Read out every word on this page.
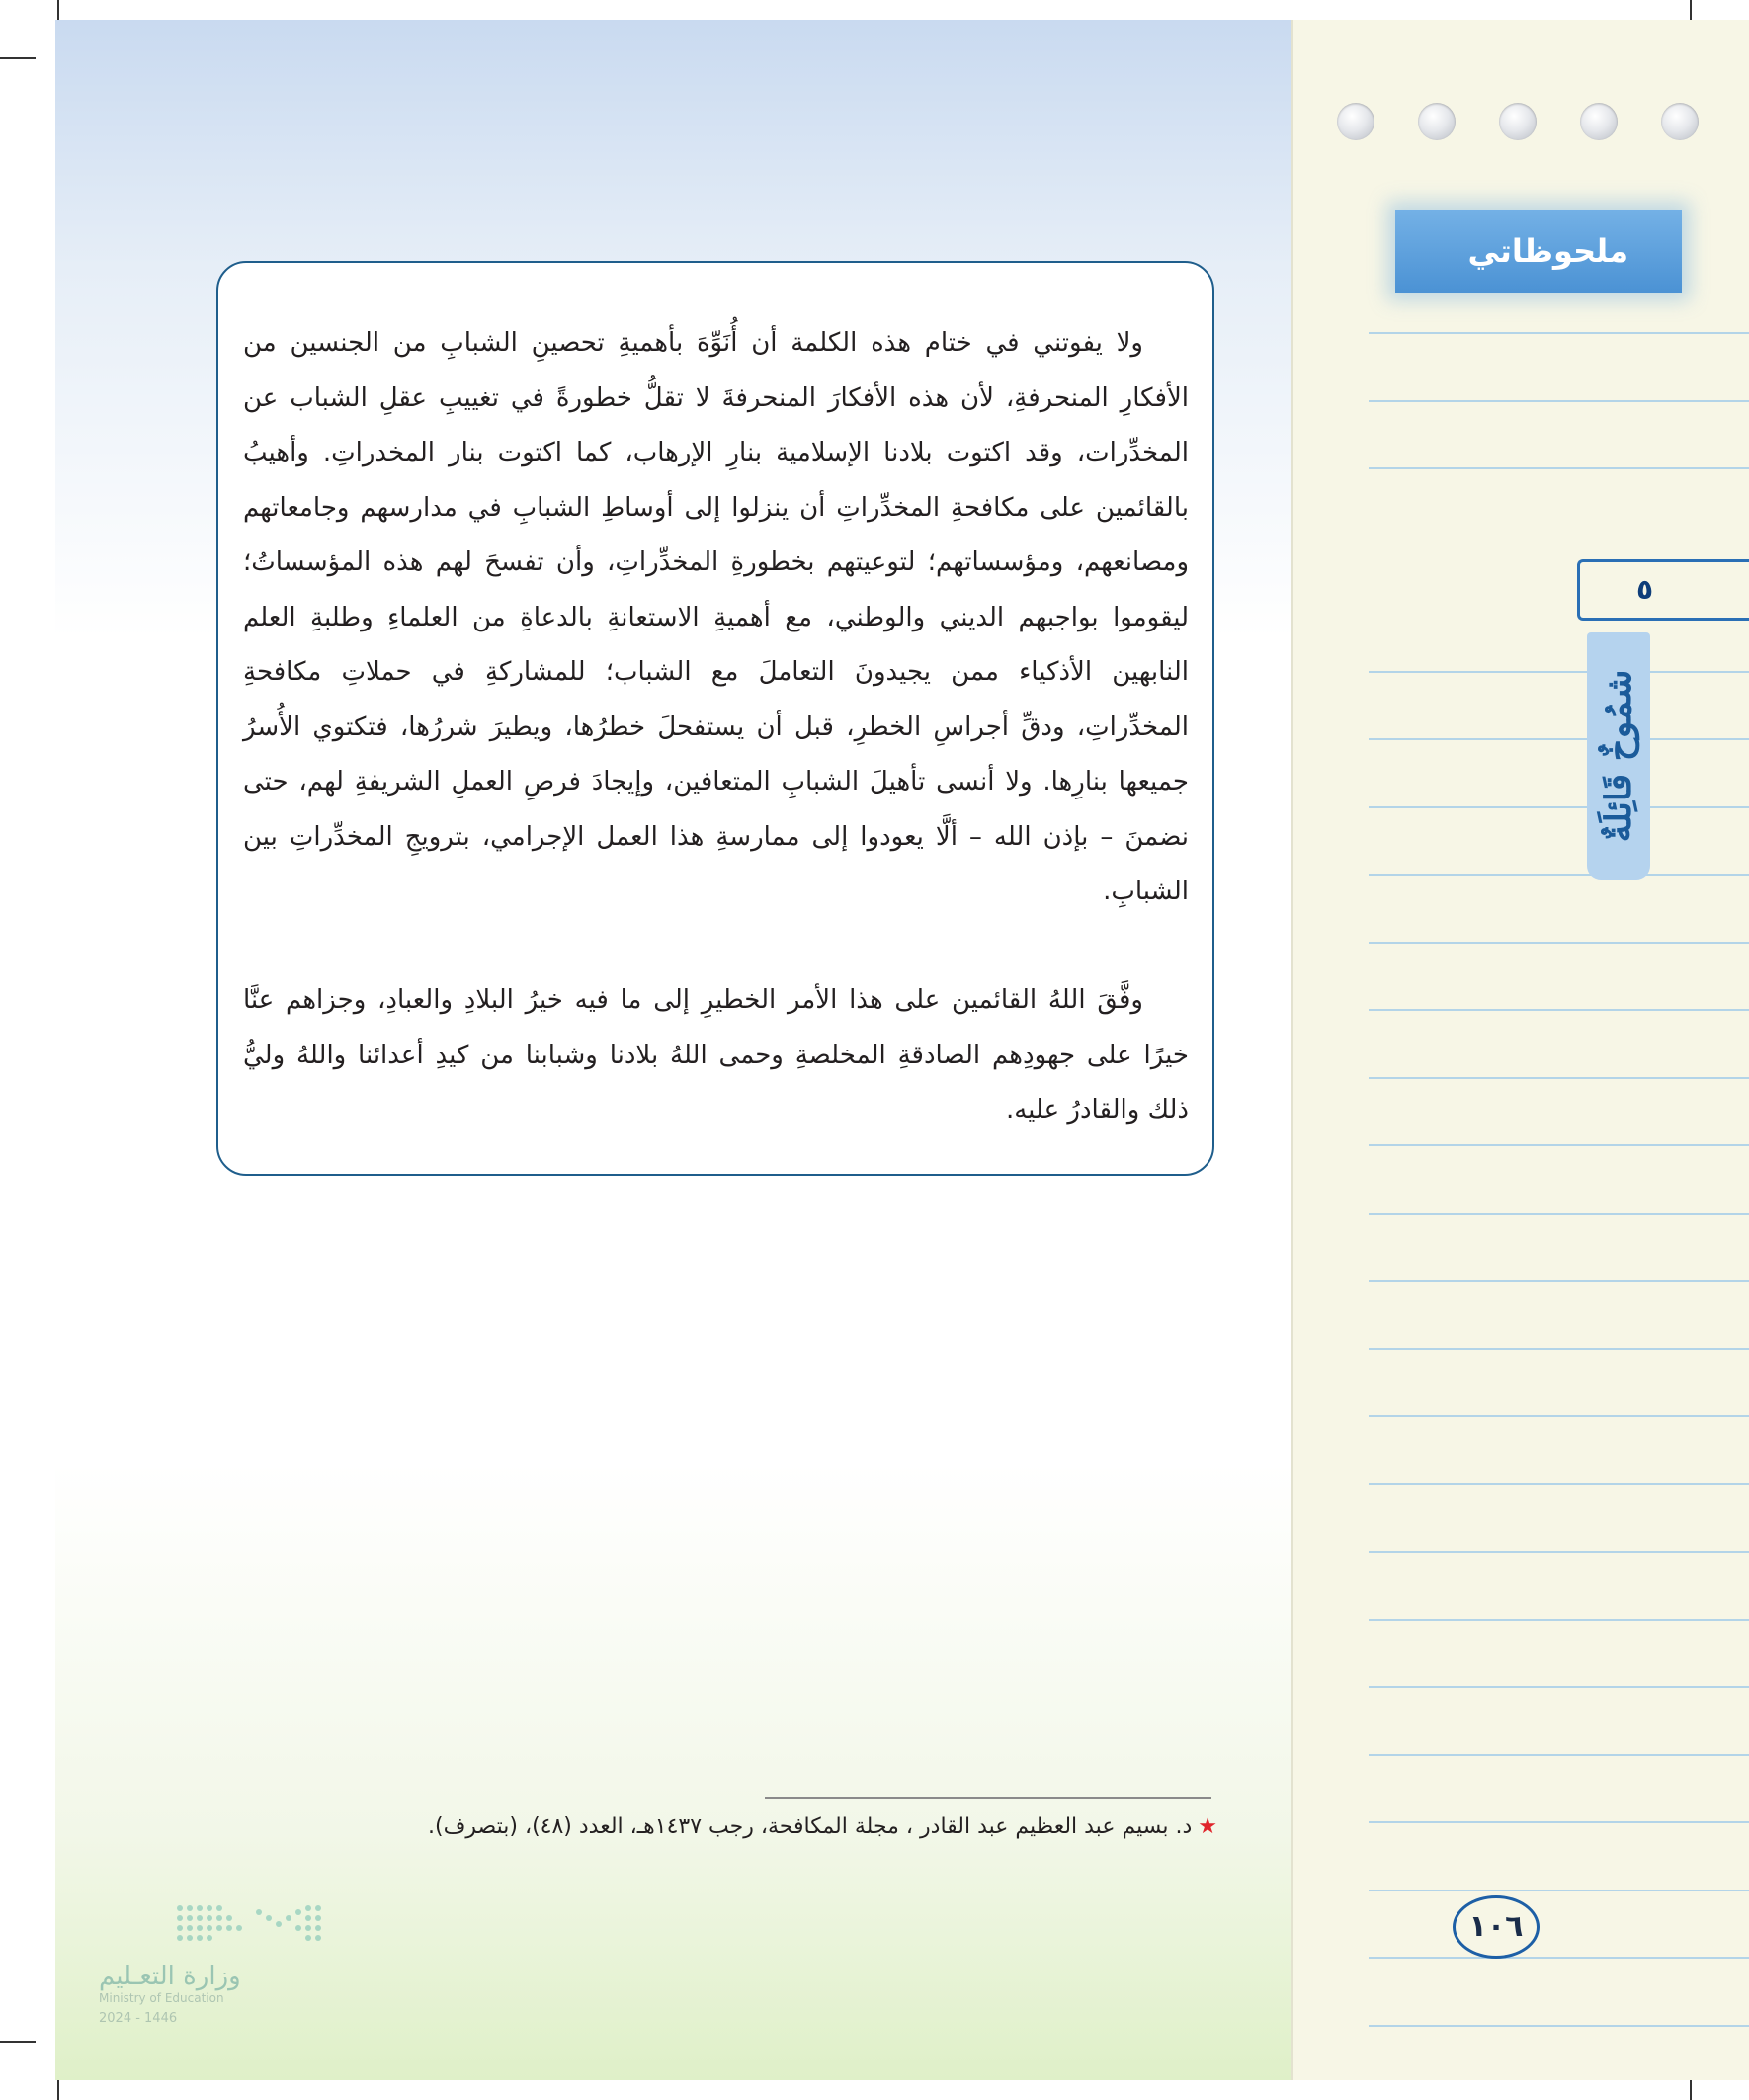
ملحوظاتي
٥
شمُوخٌ قَائِلَةٌ

ولا يفوتني في ختام هذه الكلمة أن أُنَوِّهَ بأهميةِ تحصينِ الشبابِ من الجنسين من الأفكارِ المنحرفةِ، لأن هذه الأفكارَ المنحرفةَ لا تقلُّ خطورةً في تغييبِ عقلِ الشباب عن المخدِّرات، وقد اكتوت بلادنا الإسلامية بنارِ الإرهاب، كما اكتوت بنار المخدراتِ. وأهيبُ بالقائمين على مكافحةِ المخدِّراتِ أن ينزلوا إلى أوساطِ الشبابِ في مدارسهم وجامعاتهم ومصانعهم، ومؤسساتهم؛ لتوعيتهم بخطورةِ المخدِّراتِ، وأن تفسحَ لهم هذه المؤسساتُ؛ ليقوموا بواجبهم الديني والوطني، مع أهميةِ الاستعانةِ بالدعاةِ من العلماءِ وطلبةِ العلم النابهين الأذكياء ممن يجيدونَ التعاملَ مع الشباب؛ للمشاركةِ في حملاتِ مكافحةِ المخدِّراتِ، ودقِّ أجراسِ الخطرِ، قبل أن يستفحلَ خطرُها، ويطيرَ شررُها، فتكتوي الأُسرُ جميعها بنارِها. ولا أنسى تأهيلَ الشبابِ المتعافين، وإيجادَ فرصِ العملِ الشريفةِ لهم، حتى نضمنَ – بإذن الله – ألَّا يعودوا إلى ممارسةِ هذا العمل الإجرامي، بترويجِ المخدِّراتِ بين الشبابِ.

وفَّقَ اللهُ القائمين على هذا الأمر الخطيرِ إلى ما فيه خيرُ البلادِ والعبادِ، وجزاهم عنَّا خيرًا على جهودِهم الصادقةِ المخلصةِ وحمى اللهُ بلادنا وشبابنا من كيدِ أعدائنا واللهُ وليُّ ذلك والقادرُ عليه.

★د. بسيم عبد العظيم عبد القادر ، مجلة المكافحة، رجب ١٤٣٧هـ، العدد (٤٨)، (بتصرف).
١٠٦
وزارة التعـليم
Ministry of Education
2024 - 1446
